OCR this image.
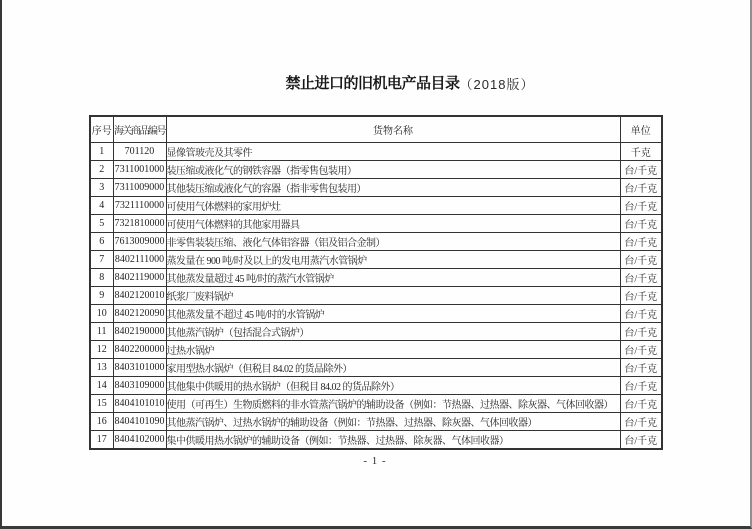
禁止进口的旧机电产品目录（2018版）
序号	海关商品编号	货物名称	单位
1	701120	显像管玻壳及其零件	千克
2	7311001000	装压缩或液化气的钢铁容器（指零售包装用）	台/千克
3	7311009000	其他装压缩或液化气的容器（指非零售包装用）	台/千克
4	7321110000	可使用气体燃料的家用炉灶	台/千克
5	7321810000	可使用气体燃料的其他家用器具	台/千克
6	7613009000	非零售装装压缩、液化气体铝容器（铝及铝合金制）	台/千克
7	8402111000	蒸发量在 900 吨/时及以上的发电用蒸汽水管锅炉	台/千克
8	8402119000	其他蒸发量超过 45 吨/时的蒸汽水管锅炉	台/千克
9	8402120010	纸浆厂废料锅炉	台/千克
10	8402120090	其他蒸发量不超过 45 吨/时的水管锅炉	台/千克
11	8402190000	其他蒸汽锅炉（包括混合式锅炉）	台/千克
12	8402200000	过热水锅炉	台/千克
13	8403101000	家用型热水锅炉（但税目 84.02 的货品除外）	台/千克
14	8403109000	其他集中供暖用的热水锅炉（但税目 84.02 的货品除外）	台/千克
15	8404101010	使用（可再生）生物质燃料的非水管蒸汽锅炉的辅助设备（例如：节热器、过热器、除灰器、气体回收器）	台/千克
16	8404101090	其他蒸汽锅炉、过热水锅炉的辅助设备（例如：节热器、过热器、除灰器、气体回收器）	台/千克
17	8404102000	集中供暖用热水锅炉的辅助设备（例如：节热器、过热器、除灰器、气体回收器）	台/千克
- 1 -
